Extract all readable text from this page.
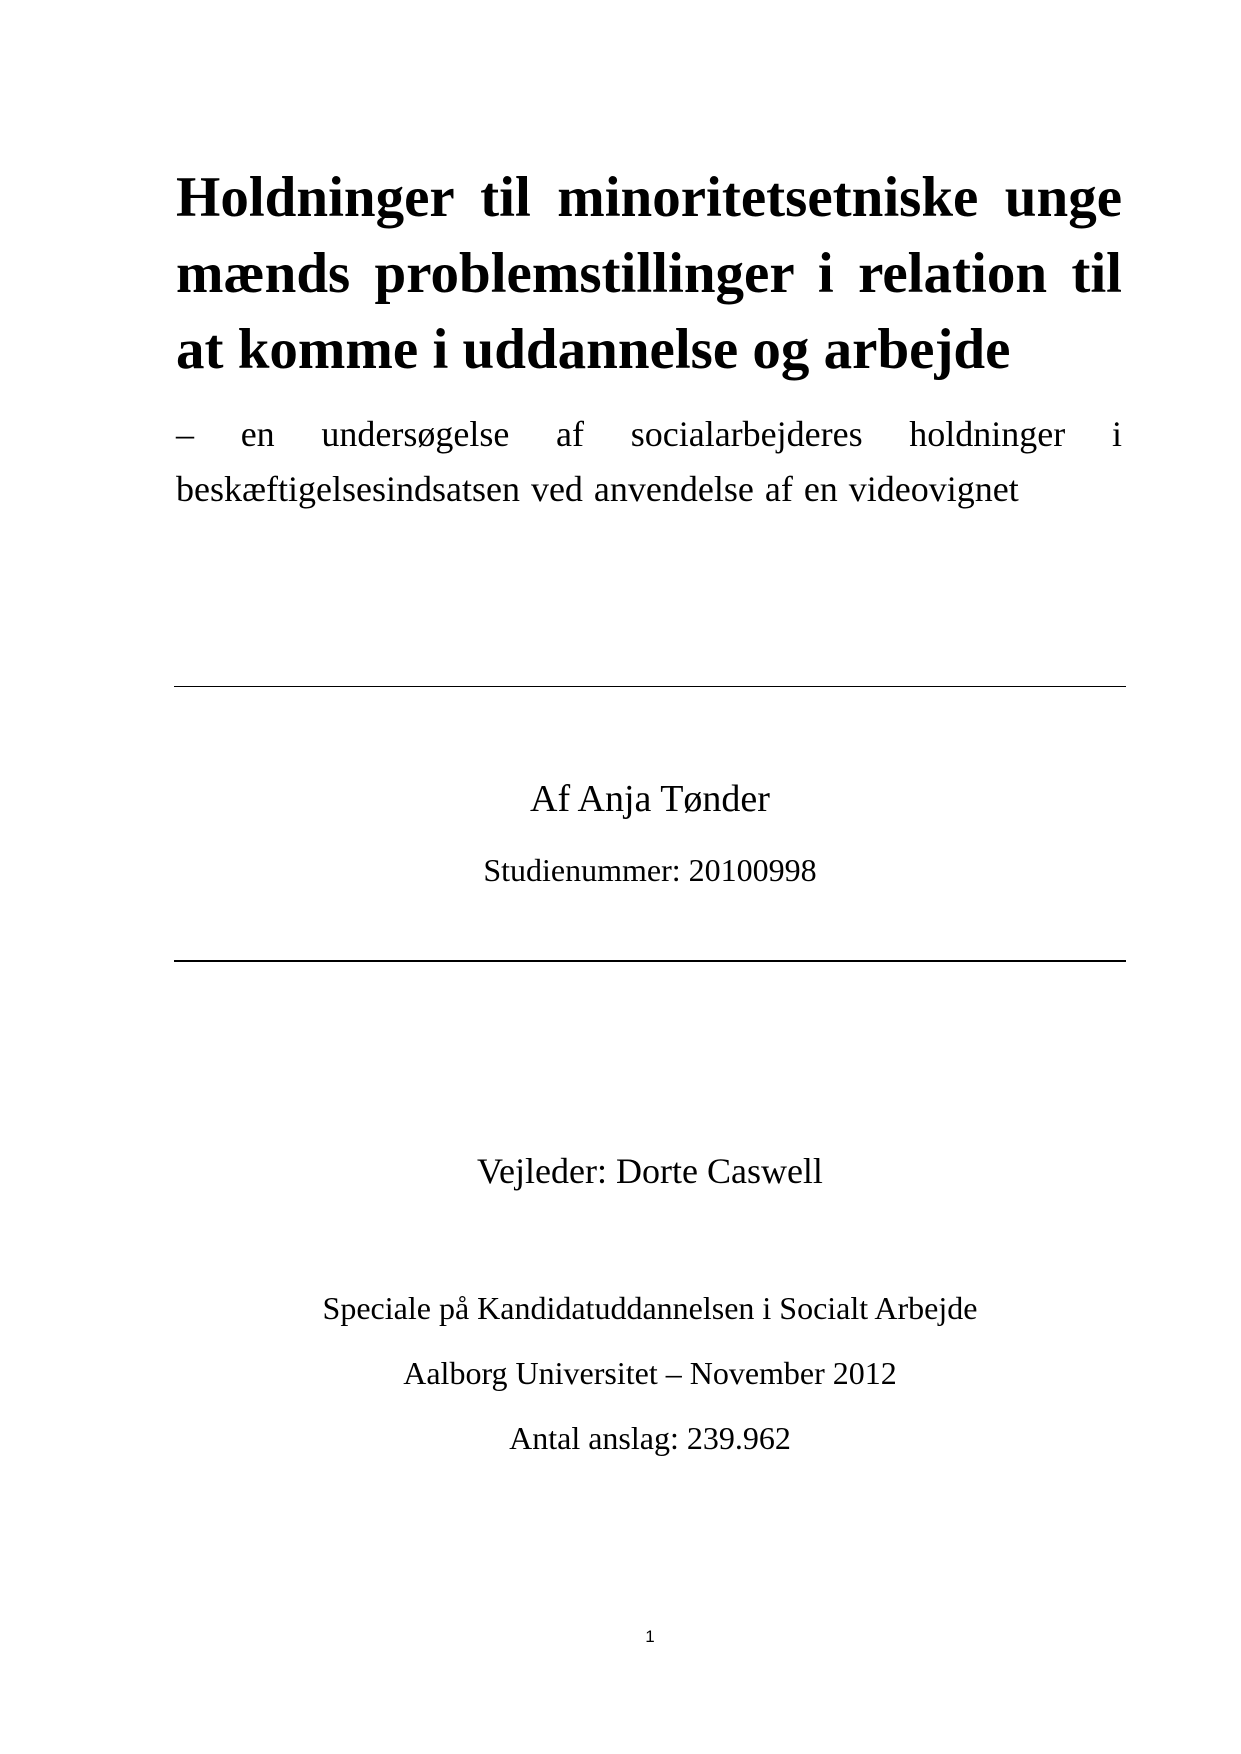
Holdninger til minoritetsetniske unge mænds problemstillinger i relation til at komme i uddannelse og arbejde

– en undersøgelse af socialarbejderes holdninger i beskæftigelsesindsatsen ved anvendelse af en videovignet

Af Anja Tønder

Studienummer: 20100998

Vejleder: Dorte Caswell

Speciale på Kandidatuddannelsen i Socialt Arbejde

Aalborg Universitet – November 2012

Antal anslag: 239.962

1
